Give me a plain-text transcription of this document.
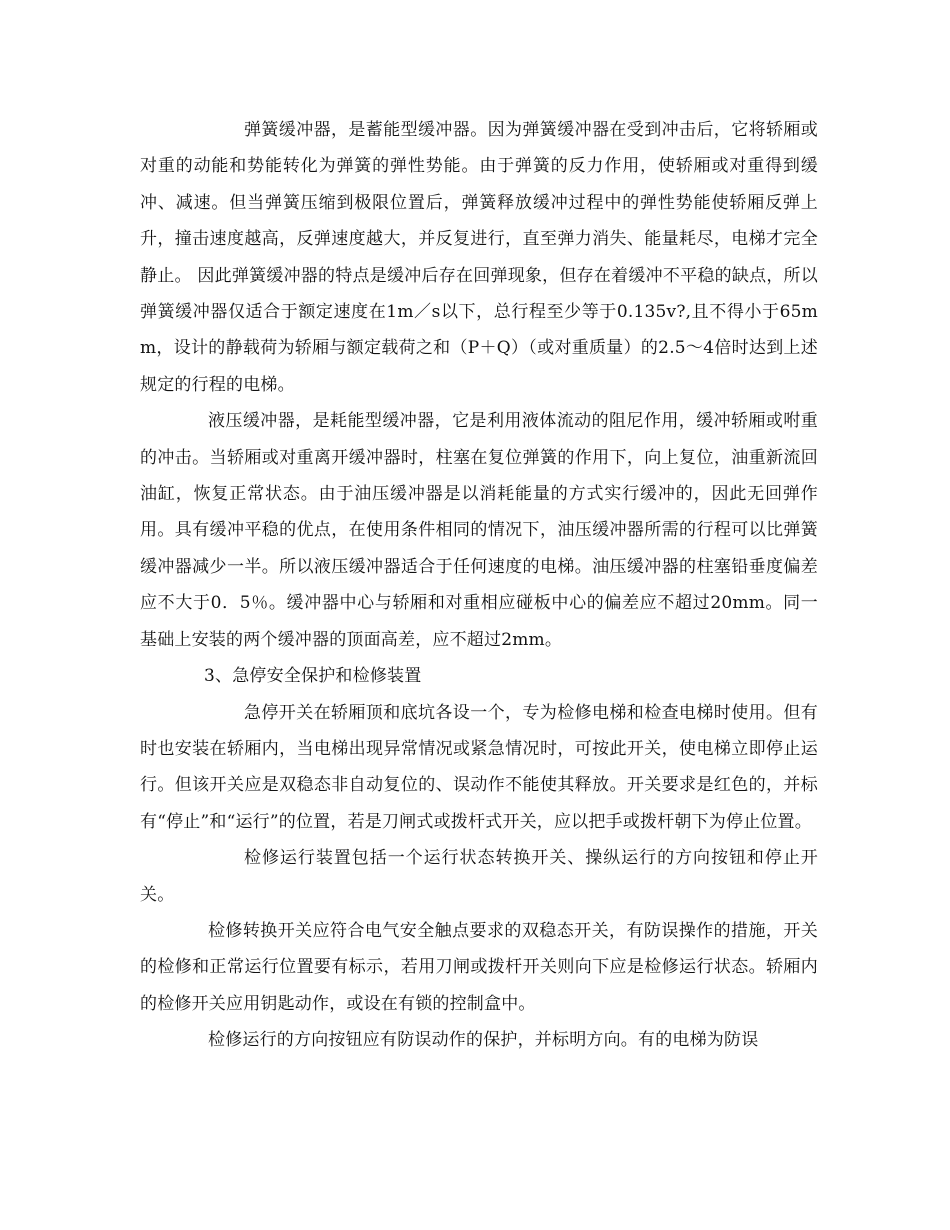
弹簧缓冲器，是蓄能型缓冲器。因为弹簧缓冲器在受到冲击后，它将轿厢或对重的动能和势能转化为弹簧的弹性势能。由于弹簧的反力作用，使轿厢或对重得到缓冲、减速。但当弹簧压缩到极限位置后，弹簧释放缓冲过程中的弹性势能使轿厢反弹上升，撞击速度越高，反弹速度越大，并反复进行，直至弹力消失、能量耗尽，电梯才完全静止。 因此弹簧缓冲器的特点是缓冲后存在回弹现象，但存在着缓冲不平稳的缺点，所以弹簧缓冲器仅适合于额定速度在1m／s以下，总行程至少等于0.135v?,且不得小于65mm，设计的静载荷为轿厢与额定载荷之和（P＋Q）（或对重质量）的2.5～4倍时达到上述规定的行程的电梯。

液压缓冲器，是耗能型缓冲器，它是利用液体流动的阻尼作用，缓冲轿厢或咐重的冲击。当轿厢或对重离开缓冲器时，柱塞在复位弹簧的作用下，向上复位，油重新流回油缸，恢复正常状态。由于油压缓冲器是以消耗能量的方式实行缓冲的，因此无回弹作用。具有缓冲平稳的优点，在使用条件相同的情况下，油压缓冲器所需的行程可以比弹簧缓冲器减少一半。所以液压缓冲器适合于任何速度的电梯。油压缓冲器的柱塞铅垂度偏差应不大于0．5％。缓冲器中心与轿厢和对重相应碰板中心的偏差应不超过20mm。同一基础上安装的两个缓冲器的顶面高差，应不超过2mm。

3、急停安全保护和检修装置

急停开关在轿厢顶和底坑各设一个，专为检修电梯和检查电梯时使用。但有时也安装在轿厢内，当电梯出现异常情况或紧急情况时，可按此开关，使电梯立即停止运行。但该开关应是双稳态非自动复位的、误动作不能使其释放。开关要求是红色的，并标有“停止”和“运行”的位置，若是刀闸式或拨杆式开关，应以把手或拨杆朝下为停止位置。

检修运行装置包括一个运行状态转换开关、操纵运行的方向按钮和停止开关。

检修转换开关应符合电气安全触点要求的双稳态开关，有防误操作的措施，开关的检修和正常运行位置要有标示，若用刀闸或拨杆开关则向下应是检修运行状态。轿厢内的检修开关应用钥匙动作，或设在有锁的控制盒中。

检修运行的方向按钮应有防误动作的保护，并标明方向。有的电梯为防误
